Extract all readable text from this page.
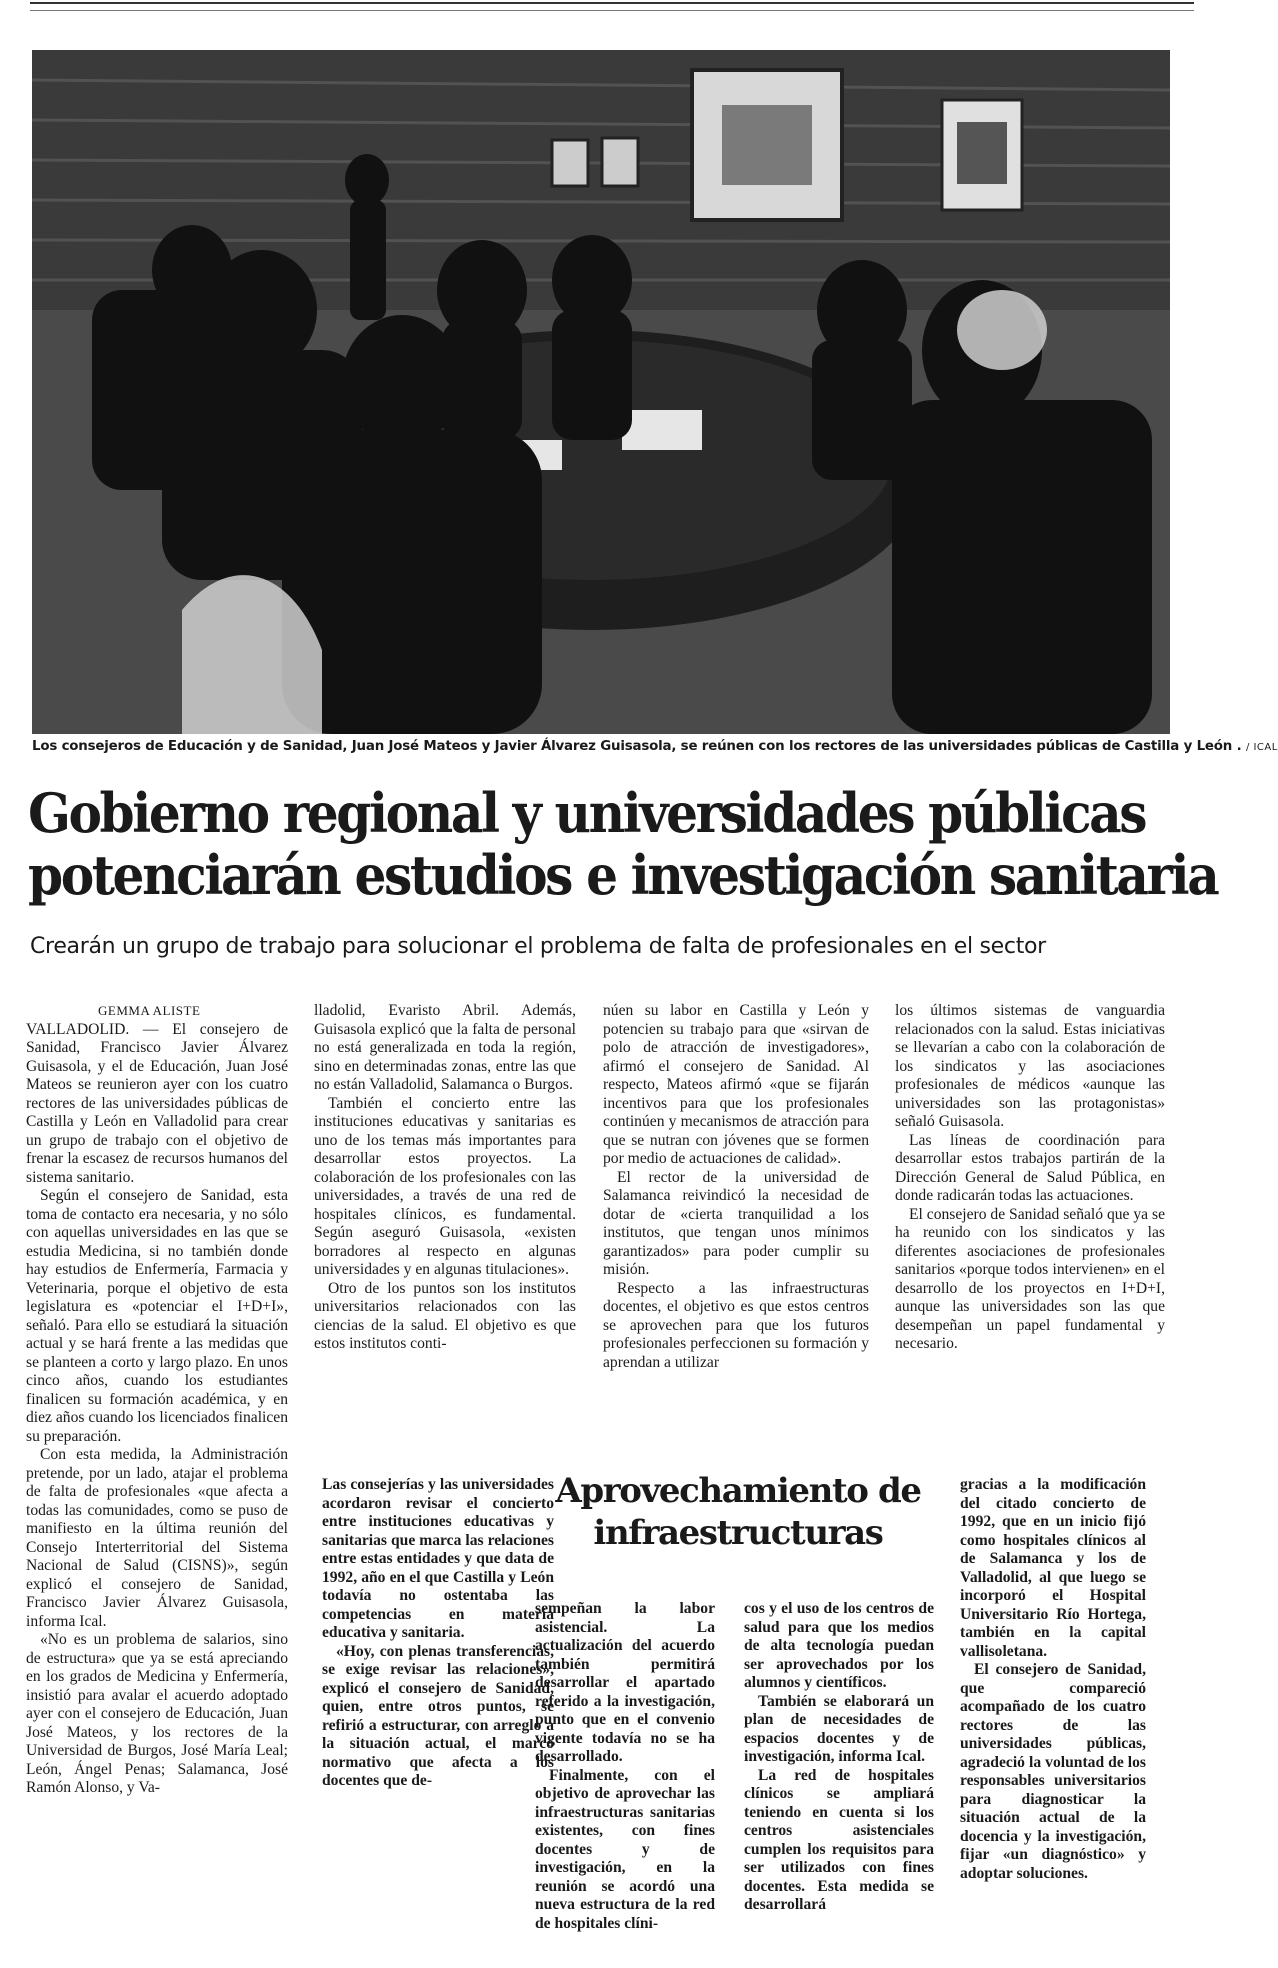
Los consejeros de Educación y de Sanidad, Juan José Mateos y Javier Álvarez Guisasola, se reúnen con los rectores de las universidades públicas de Castilla y León . / ICAL
Gobierno regional y universidades públicas
potenciarán estudios e investigación sanitaria

Crearán un grupo de trabajo para solucionar el problema de falta de profesionales en el sector

GEMMA ALISTE

VALLADOLID. — El consejero de Sanidad, Francisco Javier Álvarez Guisasola, y el de Educación, Juan José Mateos se reunieron ayer con los cuatro rectores de las universidades públicas de Castilla y León en Valladolid para crear un grupo de trabajo con el objetivo de frenar la escasez de recursos humanos del sistema sanitario.

Según el consejero de Sanidad, esta toma de contacto era necesaria, y no sólo con aquellas universidades en las que se estudia Medicina, si no también donde hay estudios de Enfermería, Farmacia y Veterinaria, porque el objetivo de esta legislatura es «potenciar el I+D+I», señaló. Para ello se estudiará la situación actual y se hará frente a las medidas que se planteen a corto y largo plazo. En unos cinco años, cuando los estudiantes finalicen su formación académica, y en diez años cuando los licenciados finalicen su preparación.

Con esta medida, la Administración pretende, por un lado, atajar el problema de falta de profesionales «que afecta a todas las comunidades, como se puso de manifiesto en la última reunión del Consejo Interterritorial del Sistema Nacional de Salud (CISNS)», según explicó el consejero de Sanidad, Francisco Javier Álvarez Guisasola, informa Ical.

«No es un problema de salarios, sino de estructura» que ya se está apreciando en los grados de Medicina y Enfermería, insistió para avalar el acuerdo adoptado ayer con el consejero de Educación, Juan José Mateos, y los rectores de la Universidad de Burgos, José María Leal; León, Ángel Penas; Salamanca, José Ramón Alonso, y Va-

lladolid, Evaristo Abril. Además, Guisasola explicó que la falta de personal no está generalizada en toda la región, sino en determinadas zonas, entre las que no están Valladolid, Salamanca o Burgos.

También el concierto entre las instituciones educativas y sanitarias es uno de los temas más importantes para desarrollar estos proyectos. La colaboración de los profesionales con las universidades, a través de una red de hospitales clínicos, es fundamental. Según aseguró Guisasola, «existen borradores al respecto en algunas universidades y en algunas titulaciones».

Otro de los puntos son los institutos universitarios relacionados con las ciencias de la salud. El objetivo es que estos institutos conti-

núen su labor en Castilla y León y potencien su trabajo para que «sirvan de polo de atracción de investigadores», afirmó el consejero de Sanidad. Al respecto, Mateos afirmó «que se fijarán incentivos para que los profesionales continúen y mecanismos de atracción para que se nutran con jóvenes que se formen por medio de actuaciones de calidad».

El rector de la universidad de Salamanca reivindicó la necesidad de dotar de «cierta tranquilidad a los institutos, que tengan unos mínimos garantizados» para poder cumplir su misión.

Respecto a las infraestructuras docentes, el objetivo es que estos centros se aprovechen para que los futuros profesionales perfeccionen su formación y aprendan a utilizar

los últimos sistemas de vanguardia relacionados con la salud. Estas iniciativas se llevarían a cabo con la colaboración de los sindicatos y las asociaciones profesionales de médicos «aunque las universidades son las protagonistas» señaló Guisasola.

Las líneas de coordinación para desarrollar estos trabajos partirán de la Dirección General de Salud Pública, en donde radicarán todas las actuaciones.

El consejero de Sanidad señaló que ya se ha reunido con los sindicatos y las diferentes asociaciones de profesionales sanitarios «porque todos intervienen» en el desarrollo de los proyectos en I+D+I, aunque las universidades son las que desempeñan un papel fundamental y necesario.

Aprovechamiento de infraestructuras

Las consejerías y las universidades acordaron revisar el concierto entre instituciones educativas y sanitarias que marca las relaciones entre estas entidades y que data de 1992, año en el que Castilla y León todavía no ostentaba las competencias en materia educativa y sanitaria.

«Hoy, con plenas transferencias, se exige revisar las relaciones», explicó el consejero de Sanidad, quien, entre otros puntos, se refirió a estructurar, con arreglo a la situación actual, el marco normativo que afecta a los docentes que de-

sempeñan la labor asistencial. La actualización del acuerdo también permitirá desarrollar el apartado referido a la investigación, punto que en el convenio vigente todavía no se ha desarrollado.

Finalmente, con el objetivo de aprovechar las infraestructuras sanitarias existentes, con fines docentes y de investigación, en la reunión se acordó una nueva estructura de la red de hospitales clíni-

cos y el uso de los centros de salud para que los medios de alta tecnología puedan ser aprovechados por los alumnos y científicos.

También se elaborará un plan de necesidades de espacios docentes y de investigación, informa Ical.

La red de hospitales clínicos se ampliará teniendo en cuenta si los centros asistenciales cumplen los requisitos para ser utilizados con fines docentes. Esta medida se desarrollará

gracias a la modificación del citado concierto de 1992, que en un inicio fijó como hospitales clínicos al de Salamanca y los de Valladolid, al que luego se incorporó el Hospital Universitario Río Hortega, también en la capital vallisoletana.

El consejero de Sanidad, que compareció acompañado de los cuatro rectores de las universidades públicas, agradeció la voluntad de los responsables universitarios para diagnosticar la situación actual de la docencia y la investigación, fijar «un diagnóstico» y adoptar soluciones.
